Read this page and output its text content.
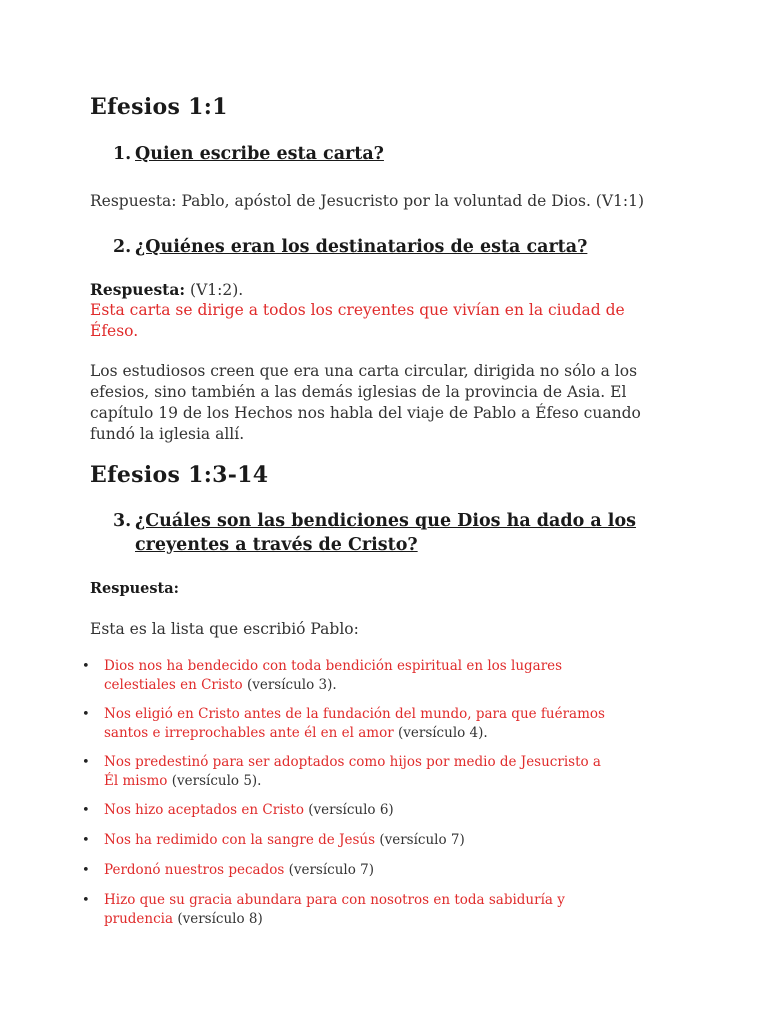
Efesios 1:1
1. Quien escribe esta carta?

Respuesta: Pablo, apóstol de Jesucristo por la voluntad de Dios. (V1:1)

2. ¿Quiénes eran los destinatarios de esta carta?

Respuesta: (V1:2).

Esta carta se dirige a todos los creyentes que vivían en la ciudad de

Éfeso.

Los estudiosos creen que era una carta circular, dirigida no sólo a los

efesios, sino también a las demás iglesias de la provincia de Asia. El

capítulo 19 de los Hechos nos habla del viaje de Pablo a Éfeso cuando

fundó la iglesia allí.

Efesios 1:3-14
3. ¿Cuáles son las bendiciones que Dios ha dado a los
creyentes a través de Cristo?

Respuesta:

Esta es la lista que escribió Pablo:

• Dios nos ha bendecido con toda bendición espiritual en los lugares
celestiales en Cristo (versículo 3).
• Nos eligió en Cristo antes de la fundación del mundo, para que fuéramos
santos e irreprochables ante él en el amor (versículo 4).
• Nos predestinó para ser adoptados como hijos por medio de Jesucristo a
Él mismo (versículo 5).
• Nos hizo aceptados en Cristo (versículo 6)
• Nos ha redimido con la sangre de Jesús (versículo 7)
• Perdonó nuestros pecados (versículo 7)
• Hizo que su gracia abundara para con nosotros en toda sabiduría y
prudencia (versículo 8)
